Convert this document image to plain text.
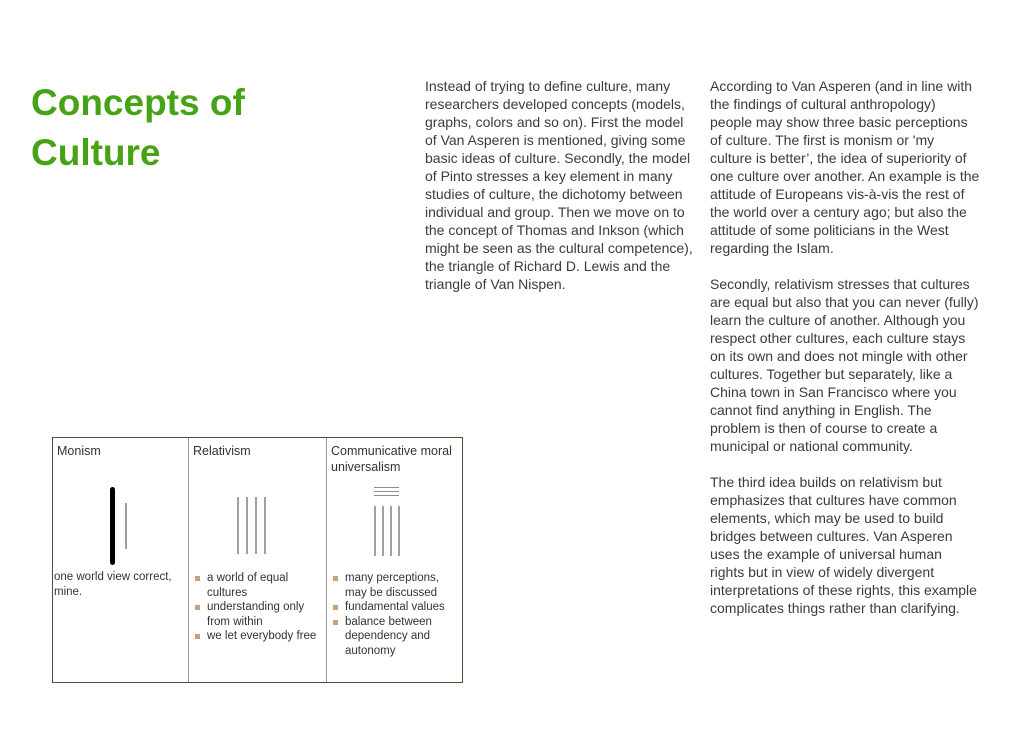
Concepts of Culture

Instead of trying to define culture, many researchers developed concepts (models, graphs, colors and so on). First the model of Van Asperen is mentioned, giving some basic ideas of culture. Secondly, the model of Pinto stresses a key element in many studies of culture, the dichotomy between individual and group. Then we move on to the concept of Thomas and Inkson (which might be seen as the cultural competence), the triangle of Richard D. Lewis and the triangle of Van Nispen.

According to Van Asperen (and in line with the findings of cultural anthropology) people may show three basic perceptions of culture. The first is monism or 'my culture is better’, the idea of superiority of one culture over another. An example is the attitude of Europeans vis-à-vis the rest of the world over a century ago; but also the attitude of some politicians in the West regarding the Islam.

Secondly, relativism stresses that cultures are equal but also that you can never (fully) learn the culture of another. Although you respect other cultures, each culture stays on its own and does not mingle with other cultures. Together but separately, like a China town in San Francisco where you cannot find anything in English. The problem is then of course to create a municipal or national community.

The third idea builds on relativism but emphasizes that cultures have common elements, which may be used to build bridges between cultures. Van Asperen uses the example of universal human rights but in view of widely divergent interpretations of these rights, this example complicates things rather than clarifying.

Monism
one world view correct, mine.
Relativism
a world of equal cultures
understanding only from within
we let everybody free
Communicative moral universalism
many perceptions, may be discussed
fundamental values
balance between dependency and autonomy
